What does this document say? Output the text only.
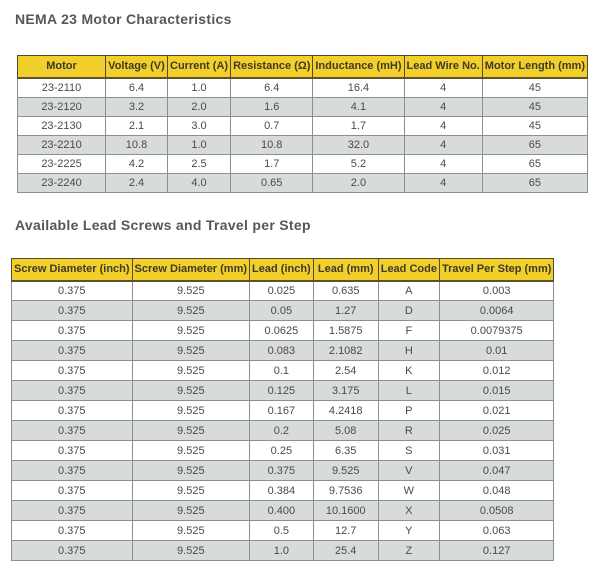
NEMA 23 Motor Characteristics
Motor	Voltage (V)	Current (A)	Resistance (Ω)	Inductance (mH)	Lead Wire No.	Motor Length (mm)
23-2110	6.4	1.0	6.4	16.4	4	45
23-2120	3.2	2.0	1.6	4.1	4	45
23-2130	2.1	3.0	0.7	1.7	4	45
23-2210	10.8	1.0	10.8	32.0	4	65
23-2225	4.2	2.5	1.7	5.2	4	65
23-2240	2.4	4.0	0.65	2.0	4	65
Available Lead Screws and Travel per Step
Screw Diameter (inch)	Screw Diameter (mm)	Lead (inch)	Lead (mm)	Lead Code	Travel Per Step (mm)
0.375	9.525	0.025	0.635	A	0.003
0.375	9.525	0.05	1.27	D	0.0064
0.375	9.525	0.0625	1.5875	F	0.0079375
0.375	9.525	0.083	2.1082	H	0.01
0.375	9.525	0.1	2.54	K	0.012
0.375	9.525	0.125	3.175	L	0.015
0.375	9.525	0.167	4.2418	P	0.021
0.375	9.525	0.2	5.08	R	0.025
0.375	9.525	0.25	6.35	S	0.031
0.375	9.525	0.375	9.525	V	0.047
0.375	9.525	0.384	9.7536	W	0.048
0.375	9.525	0.400	10.1600	X	0.0508
0.375	9.525	0.5	12.7	Y	0.063
0.375	9.525	1.0	25.4	Z	0.127
